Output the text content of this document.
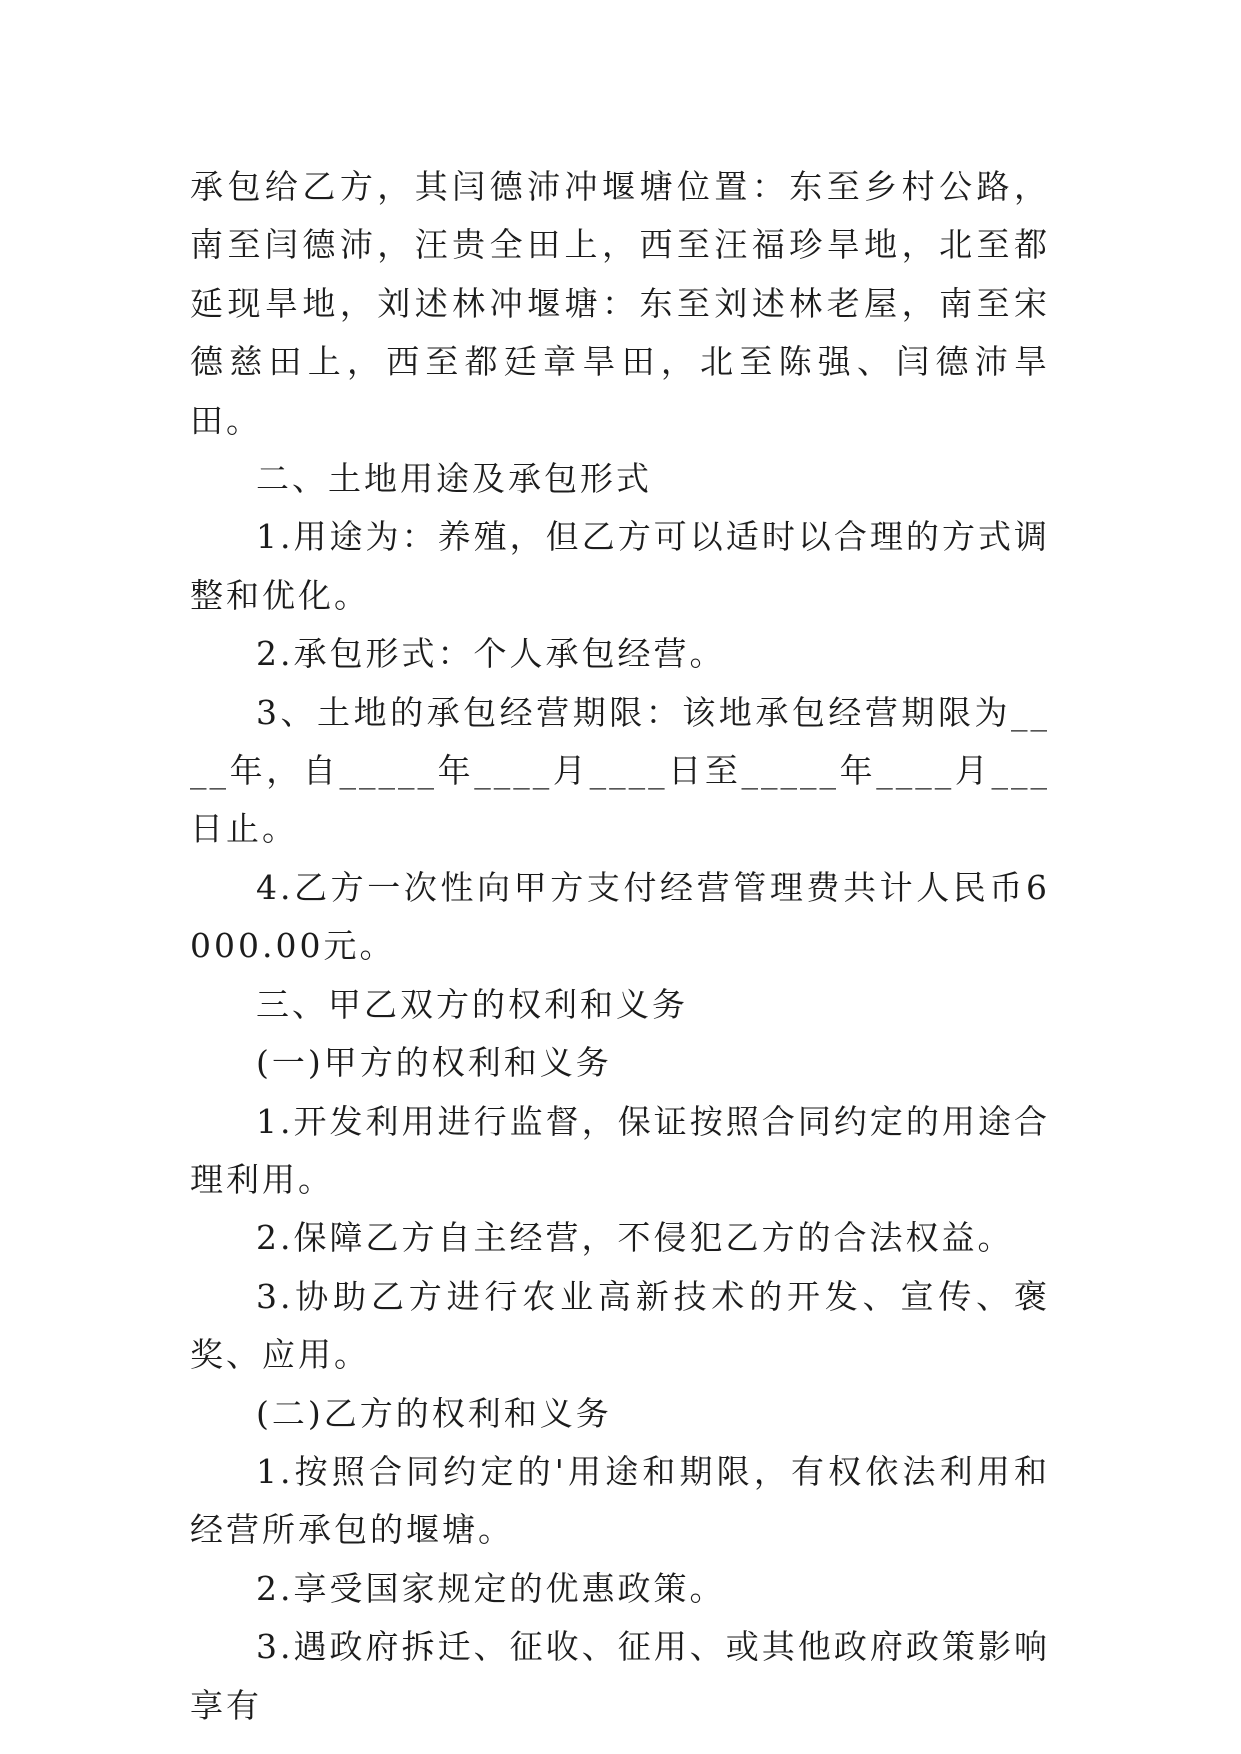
承包给乙方，其闫德沛冲堰塘位置：东至乡村公路，南至闫德沛，汪贵全田上，西至汪福珍旱地，北至都延现旱地，刘述林冲堰塘：东至刘述林老屋，南至宋德慈田上，西至都廷章旱田，北至陈强、闫德沛旱田。

二、土地用途及承包形式

1.用途为：养殖，但乙方可以适时以合理的方式调整和优化。

2.承包形式：个人承包经营。

3、土地的承包经营期限：该地承包经营期限为____年，自_____年____月____日至_____年____月___日止。

4.乙方一次性向甲方支付经营管理费共计人民币6000.00元。

三、甲乙双方的权利和义务

(一)甲方的权利和义务

1.开发利用进行监督，保证按照合同约定的用途合理利用。

2.保障乙方自主经营，不侵犯乙方的合法权益。

3.协助乙方进行农业高新技术的开发、宣传、褒奖、应用。

(二)乙方的权利和义务

1.按照合同约定的'用途和期限，有权依法利用和经营所承包的堰塘。

2.享受国家规定的优惠政策。

3.遇政府拆迁、征收、征用、或其他政府政策影响享有
